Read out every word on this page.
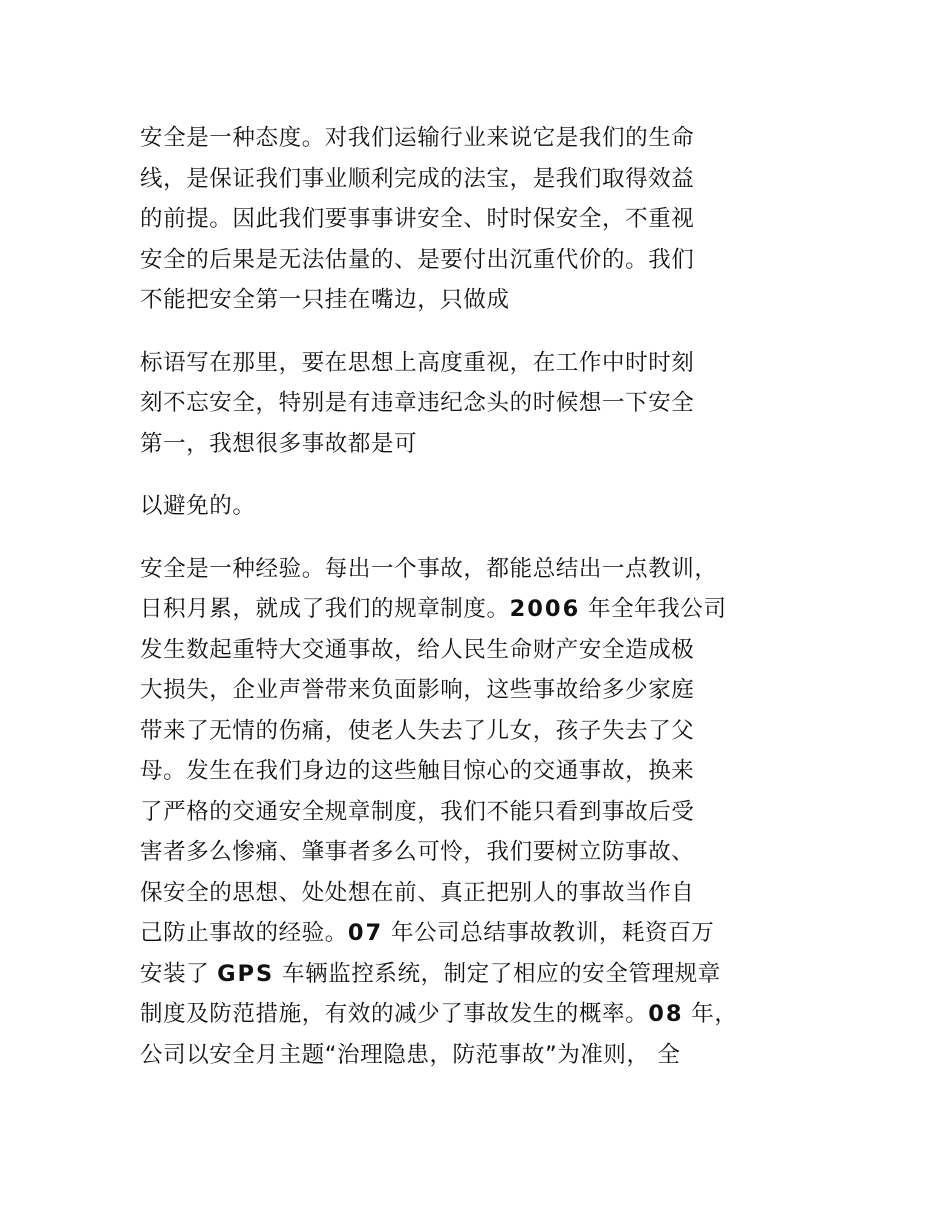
安全是一种态度。对我们运输行业来说它是我们的生命
线，是保证我们事业顺利完成的法宝，是我们取得效益
的前提。因此我们要事事讲安全、时时保安全，不重视
安全的后果是无法估量的、是要付出沉重代价的。我们
不能把安全第一只挂在嘴边，只做成
标语写在那里，要在思想上高度重视，在工作中时时刻
刻不忘安全，特别是有违章违纪念头的时候想一下安全
第一，我想很多事故都是可
以避免的。
安全是一种经验。每出一个事故，都能总结出一点教训，
日积月累，就成了我们的规章制度。2006 年全年我公司
发生数起重特大交通事故，给人民生命财产安全造成极
大损失，企业声誉带来负面影响，这些事故给多少家庭
带来了无情的伤痛，使老人失去了儿女，孩子失去了父
母。发生在我们身边的这些触目惊心的交通事故，换来
了严格的交通安全规章制度，我们不能只看到事故后受
害者多么惨痛、肇事者多么可怜，我们要树立防事故、
保安全的思想、处处想在前、真正把别人的事故当作自
己防止事故的经验。07 年公司总结事故教训，耗资百万
安装了 GPS 车辆监控系统，制定了相应的安全管理规章
制度及防范措施，有效的减少了事故发生的概率。08 年，
公司以安全月主题“治理隐患，防范事故”为准则， 全
